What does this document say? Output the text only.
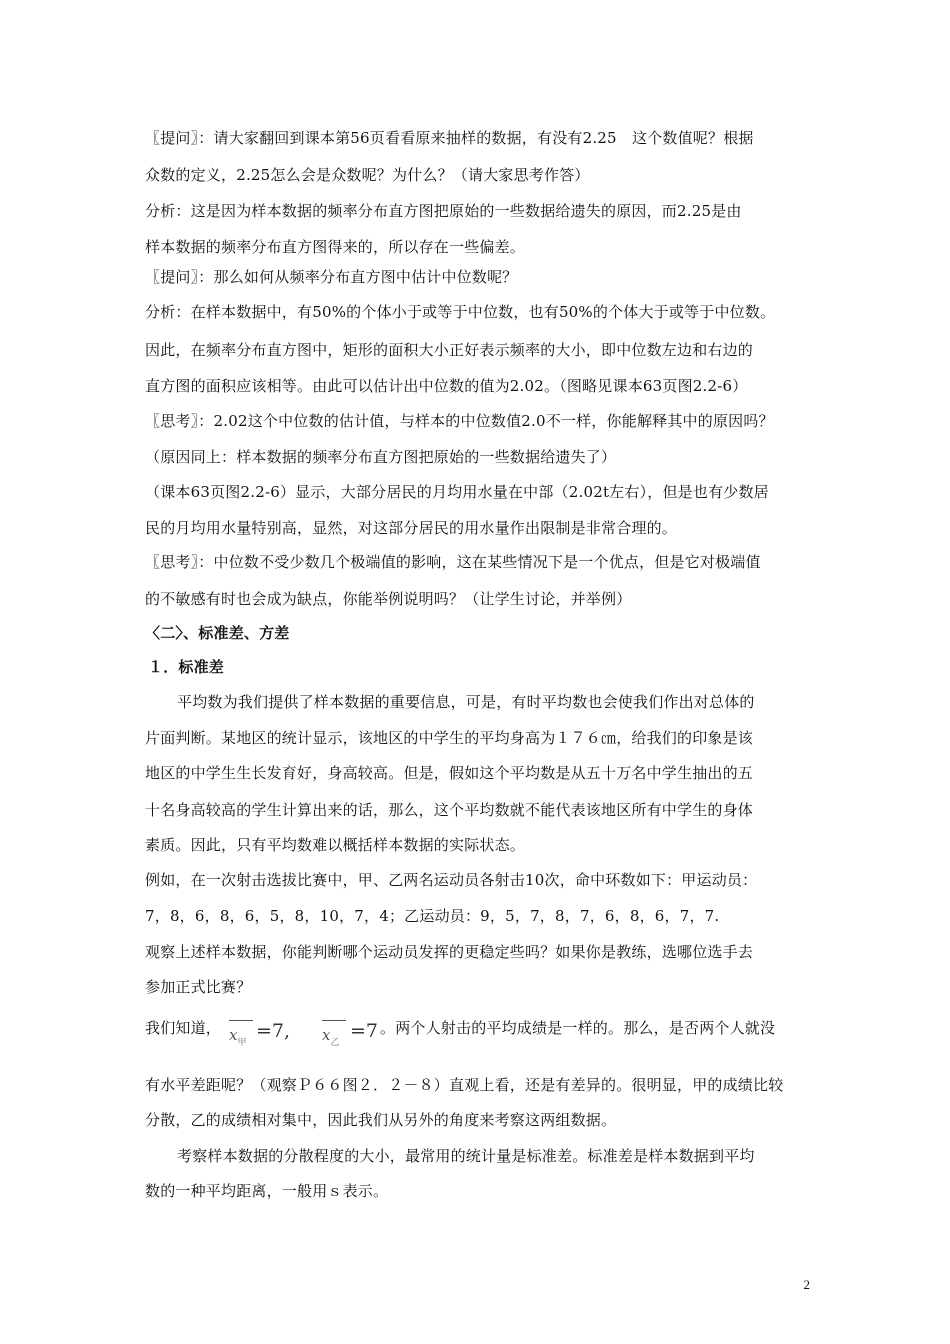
〖提问〗：请大家翻回到课本第56页看看原来抽样的数据，有没有2.25　这个数值呢？根据
众数的定义，2.25怎么会是众数呢？为什么？（请大家思考作答）
分析：这是因为样本数据的频率分布直方图把原始的一些数据给遗失的原因，而2.25是由
样本数据的频率分布直方图得来的，所以存在一些偏差。
〖提问〗：那么如何从频率分布直方图中估计中位数呢？
分析：在样本数据中，有50%的个体小于或等于中位数，也有50%的个体大于或等于中位数。
因此，在频率分布直方图中，矩形的面积大小正好表示频率的大小，即中位数左边和右边的
直方图的面积应该相等。由此可以估计出中位数的值为2.02。（图略见课本63页图2.2-6）
〖思考〗：2.02这个中位数的估计值，与样本的中位数值2.0不一样，你能解释其中的原因吗？
（原因同上：样本数据的频率分布直方图把原始的一些数据给遗失了）
（课本63页图2.2-6）显示，大部分居民的月均用水量在中部（2.02t左右），但是也有少数居
民的月均用水量特别高，显然，对这部分居民的用水量作出限制是非常合理的。
〖思考〗：中位数不受少数几个极端值的影响，这在某些情况下是一个优点，但是它对极端值
的不敏感有时也会成为缺点，你能举例说明吗？（让学生讨论，并举例）
〈二〉、标准差、方差
１．标准差
平均数为我们提供了样本数据的重要信息，可是，有时平均数也会使我们作出对总体的
片面判断。某地区的统计显示，该地区的中学生的平均身高为１７６㎝，给我们的印象是该
地区的中学生生长发育好，身高较高。但是，假如这个平均数是从五十万名中学生抽出的五
十名身高较高的学生计算出来的话，那么，这个平均数就不能代表该地区所有中学生的身体
素质。因此，只有平均数难以概括样本数据的实际状态。
例如，在一次射击选拔比赛中，甲、乙两名运动员各射击10次，命中环数如下：甲运动员：
7，8，6，8，6，5，8，10，7，4；乙运动员：9，5，7，8，7，6，8，6，7，7.
观察上述样本数据，你能判断哪个运动员发挥的更稳定些吗？如果你是教练，选哪位选手去
参加正式比赛？
我们知道， $x_甲$
=7, $x_乙$
=7 。两个人射击的平均成绩是一样的。那么，是否两个人就没
有水平差距呢？（观察Ｐ６６图２．２－８）直观上看，还是有差异的。很明显，甲的成绩比较
分散，乙的成绩相对集中，因此我们从另外的角度来考察这两组数据。
考察样本数据的分散程度的大小，最常用的统计量是标准差。标准差是样本数据到平均
数的一种平均距离，一般用ｓ表示。
2
